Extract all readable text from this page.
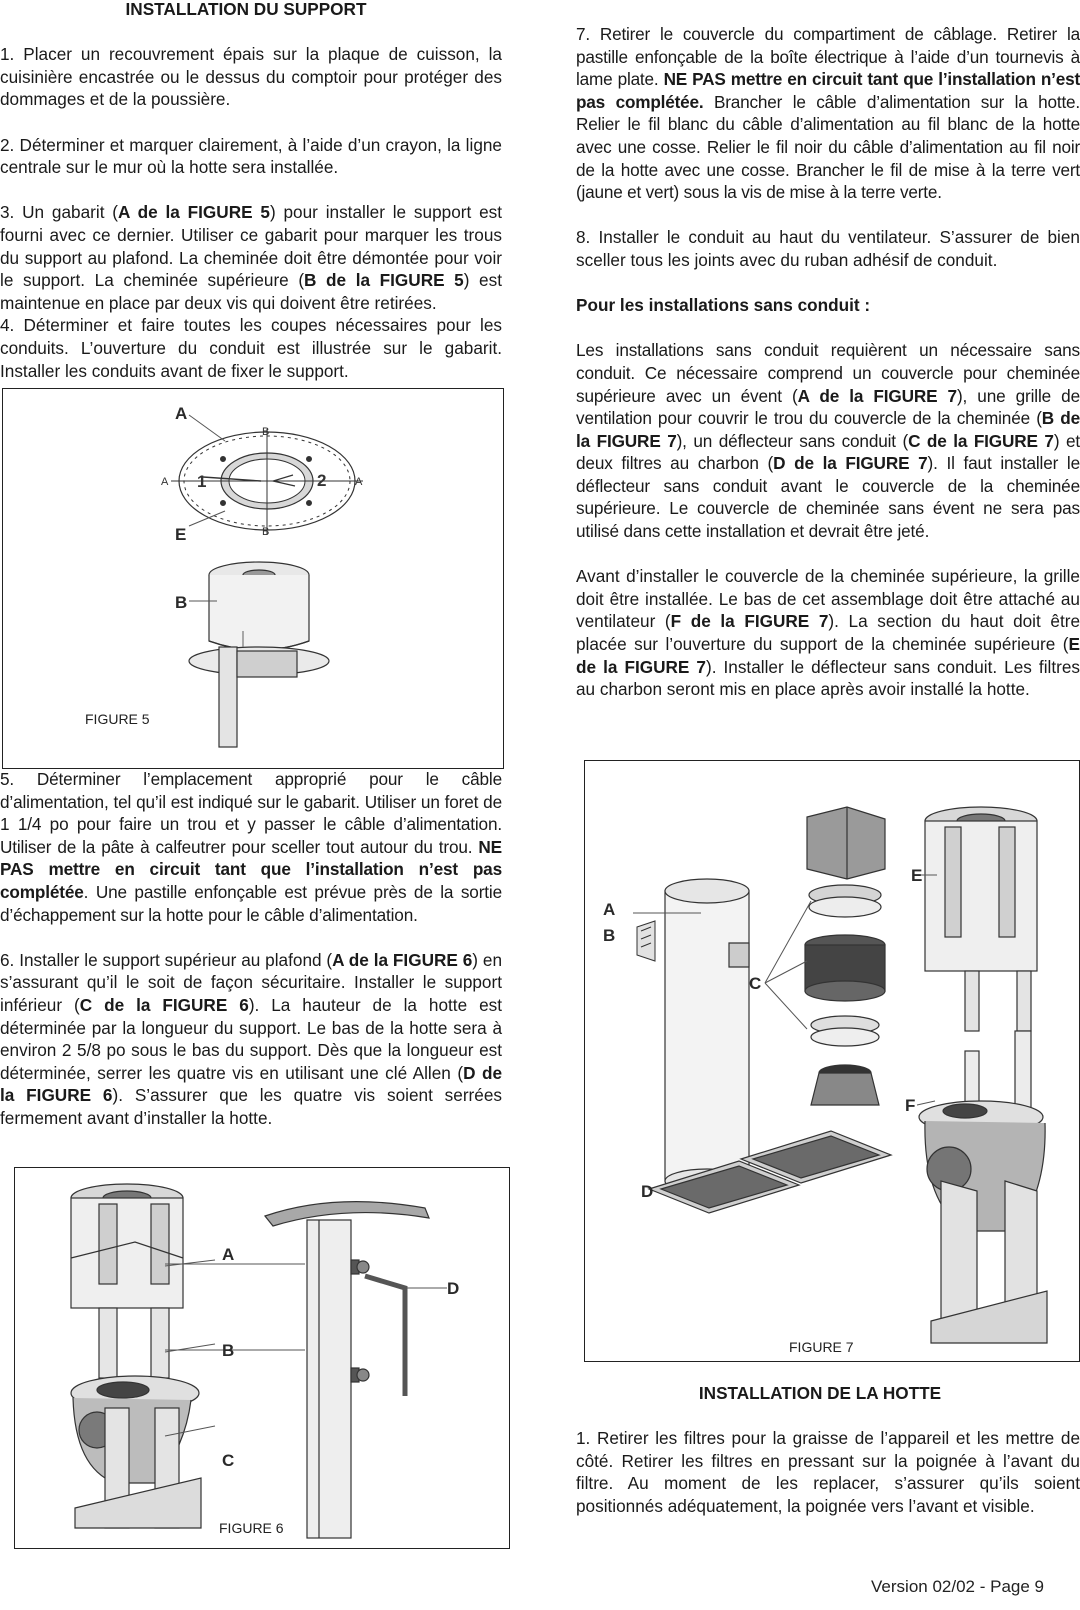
INSTALLATION DU SUPPORT

1. Placer un recouvrement épais sur la plaque de cuisson, la cuisinière encastrée ou le dessus du comptoir pour protéger des dommages et de la poussière.

2. Déterminer et marquer clairement, à l’aide d’un crayon, la ligne centrale sur le mur où la hotte sera installée.

3. Un gabarit (A de la FIGURE 5) pour installer le support est fourni avec ce dernier. Utiliser ce gabarit pour marquer les trous du support au plafond. La cheminée doit être démontée pour voir le support. La cheminée supérieure (B de la FIGURE 5) est maintenue en place par deux vis qui doivent être retirées.

4. Déterminer et faire toutes les coupes nécessaires pour les conduits. L’ouverture du conduit est illustrée sur le gabarit. Installer les conduits avant de fixer le support.

B
B
A	A
1	2
A
E
B
FIGURE 5

5. Déterminer l’emplacement approprié pour le câble d’alimentation, tel qu’il est indiqué sur le gabarit. Utiliser un foret de 1 1/4 po pour faire un trou et y passer le câble d’alimentation. Utiliser de la pâte à calfeutrer pour sceller tout autour du trou. NE PAS mettre en circuit tant que l’installation n’est pas complétée. Une pastille enfonçable est prévue près de la sortie d’échappement sur la hotte pour le câble d’alimentation.

6. Installer le support supérieur au plafond (A de la FIGURE 6) en s’assurant qu’il le soit de façon sécuritaire. Installer le support inférieur (C de la FIGURE 6). La hauteur de la hotte est déterminée par la longueur du support. Le bas de la hotte sera à environ 2 5/8 po sous le bas du support. Dès que la longueur est déterminée, serrer les quatre vis en utilisant une clé Allen (D de la FIGURE 6). S’assurer que les quatre vis soient serrées fermement avant d’installer la hotte.

A
B
C
D
FIGURE 6

7. Retirer le couvercle du compartiment de câblage. Retirer la pastille enfonçable de la boîte électrique à l’aide d’un tournevis à lame plate. NE PAS mettre en circuit tant que l’installation n’est pas complétée. Brancher le câble d’alimentation sur la hotte. Relier le fil blanc du câble d’alimentation au fil blanc de la hotte avec une cosse. Relier le fil noir du câble d’alimentation au fil noir de la hotte avec une cosse. Brancher le fil de mise à la terre vert (jaune et vert) sous la vis de mise à la terre verte.

8. Installer le conduit au haut du ventilateur. S’assurer de bien sceller tous les joints avec du ruban adhésif de conduit.

Pour les installations sans conduit :

Les installations sans conduit requièrent un nécessaire sans conduit. Ce nécessaire comprend un couvercle pour cheminée supérieure avec un évent (A de la FIGURE 7), une grille de ventilation pour couvrir le trou du couvercle de la cheminée (B de la FIGURE 7), un déflecteur sans conduit (C de la FIGURE 7) et deux filtres au charbon (D de la FIGURE 7). Il faut installer le déflecteur sans conduit avant le couvercle de la cheminée supérieure. Le couvercle de cheminée sans évent ne sera pas utilisé dans cette installation et devrait être jeté.

Avant d’installer le couvercle de la cheminée supérieure, la grille doit être installée. Le bas de cet assemblage doit être attaché au ventilateur (F de la FIGURE 7). La section du haut doit être placée sur l’ouverture du support de la cheminée supérieure (E de la FIGURE 7). Installer le déflecteur sans conduit. Les filtres au charbon seront mis en place après avoir installé la hotte.

A
B
C
D
E
F
FIGURE 7
INSTALLATION DE LA HOTTE

1. Retirer les filtres pour la graisse de l’appareil et les mettre de côté. Retirer les filtres en pressant sur la poignée à l’avant du filtre. Au moment de les replacer, s’assurer qu’ils soient positionnés adéquatement, la poignée vers l’avant et visible.

Version 02/02 - Page 9
